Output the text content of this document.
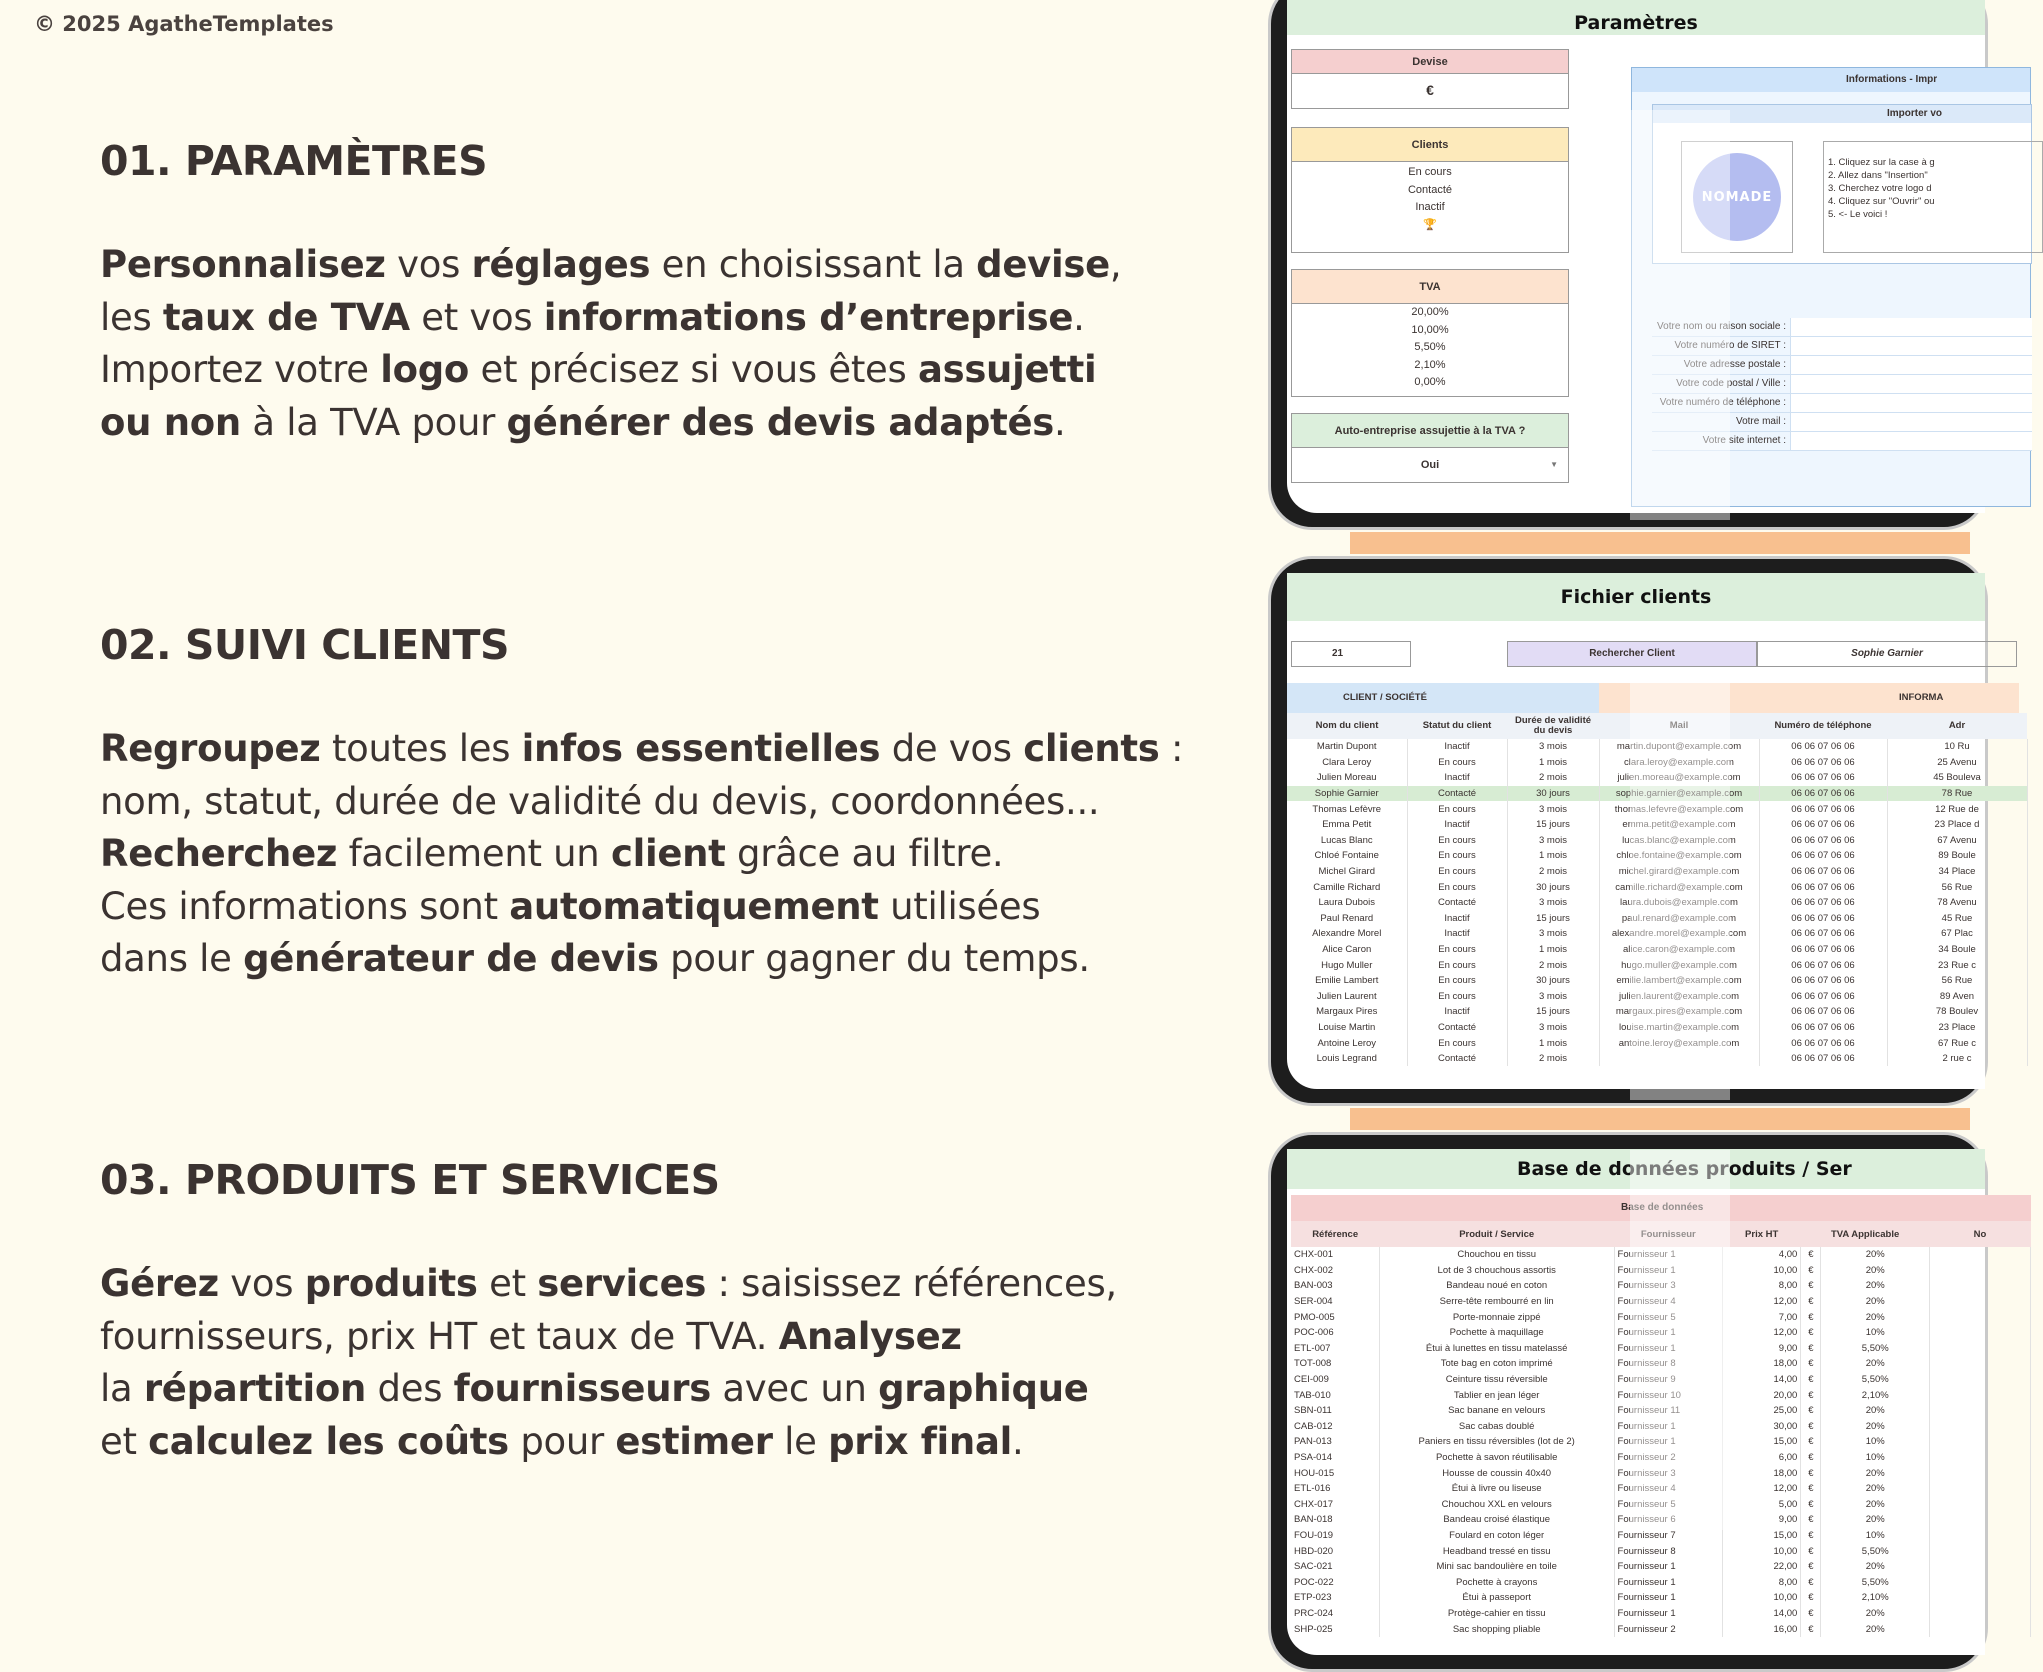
© 2025 AgatheTemplates
01. PARAMÈTRES
Personnalisez vos réglages en choisissant la devise,
les taux de TVA et vos informations d’entreprise.
Importez votre logo et précisez si vous êtes assujetti
ou non à la TVA pour générer des devis adaptés.
02. SUIVI CLIENTS
Regroupez toutes les infos essentielles de vos clients :
nom, statut, durée de validité du devis, coordonnées...
Recherchez facilement un client grâce au filtre.
Ces informations sont automatiquement utilisées
dans le générateur de devis pour gagner du temps.
03. PRODUITS ET SERVICES
Gérez vos produits et services : saisissez références,
fournisseurs, prix HT et taux de TVA. Analysez
la répartition des fournisseurs avec un graphique
et calculez les coûts pour estimer le prix final.
Paramètres
Devise
€
Clients
En cours
Contacté
Inactif
🏆
TVA
20,00%
10,00%
5,50%
2,10%
0,00%
Auto-entreprise assujettie à la TVA ?
Oui	▼
Informations - Impr
Importer vo
NOMADE
1. Cliquez sur la case à g
2. Allez dans "Insertion"
3. Cherchez votre logo d
4. Cliquez sur "Ouvrir" ou
5. <- Le voici !
Votre nom ou raison sociale :
Votre numéro de SIRET :
Votre adresse postale :
Votre code postal / Ville :
Votre numéro de téléphone :
Votre mail :
Votre site internet :
Fichier clients
21	Rechercher Client	Sophie Garnier
CLIENT / SOCIÉTÉ	INFORMA
Nom du client	Statut du client	Durée de validité du devis	Mail	Numéro de téléphone	Adr
Martin Dupont	Inactif	3 mois	martin.dupont@example.com	06 06 07 06 06	10 Ru
Clara Leroy	En cours	1 mois	clara.leroy@example.com	06 06 07 06 06	25 Avenu
Julien Moreau	Inactif	2 mois	julien.moreau@example.com	06 06 07 06 06	45 Bouleva
Sophie Garnier	Contacté	30 jours	sophie.garnier@example.com	06 06 07 06 06	78 Rue
Thomas Lefèvre	En cours	3 mois	thomas.lefevre@example.com	06 06 07 06 06	12 Rue de
Emma Petit	Inactif	15 jours	emma.petit@example.com	06 06 07 06 06	23 Place d
Lucas Blanc	En cours	3 mois	lucas.blanc@example.com	06 06 07 06 06	67 Avenu
Chloé Fontaine	En cours	1 mois	chloe.fontaine@example.com	06 06 07 06 06	89 Boule
Michel Girard	En cours	2 mois	michel.girard@example.com	06 06 07 06 06	34 Place
Camille Richard	En cours	30 jours	camille.richard@example.com	06 06 07 06 06	56 Rue
Laura Dubois	Contacté	3 mois	laura.dubois@example.com	06 06 07 06 06	78 Avenu
Paul Renard	Inactif	15 jours	paul.renard@example.com	06 06 07 06 06	45 Rue
Alexandre Morel	Inactif	3 mois	alexandre.morel@example.com	06 06 07 06 06	67 Plac
Alice Caron	En cours	1 mois	alice.caron@example.com	06 06 07 06 06	34 Boule
Hugo Muller	En cours	2 mois	hugo.muller@example.com	06 06 07 06 06	23 Rue c
Emilie Lambert	En cours	30 jours	emilie.lambert@example.com	06 06 07 06 06	56 Rue
Julien Laurent	En cours	3 mois	julien.laurent@example.com	06 06 07 06 06	89 Aven
Margaux Pires	Inactif	15 jours	margaux.pires@example.com	06 06 07 06 06	78 Boulev
Louise Martin	Contacté	3 mois	louise.martin@example.com	06 06 07 06 06	23 Place
Antoine Leroy	En cours	1 mois	antoine.leroy@example.com	06 06 07 06 06	67 Rue c
Louis Legrand	Contacté	2 mois		06 06 07 06 06	2 rue c
Base de données produits / Ser
Base de données
Référence	Produit / Service	Fournisseur	Prix HT	TVA Applicable		No
CHX-001	Chouchou en tissu	Fournisseur 1	4,00	€	20%	
CHX-002	Lot de 3 chouchous assortis	Fournisseur 1	10,00	€	20%	
BAN-003	Bandeau noué en coton	Fournisseur 3	8,00	€	20%	
SER-004	Serre-tête rembourré en lin	Fournisseur 4	12,00	€	20%	
PMO-005	Porte-monnaie zippé	Fournisseur 5	7,00	€	20%	
POC-006	Pochette à maquillage	Fournisseur 1	12,00	€	10%	
ETL-007	Étui à lunettes en tissu matelassé	Fournisseur 1	9,00	€	5,50%	
TOT-008	Tote bag en coton imprimé	Fournisseur 8	18,00	€	20%	
CEI-009	Ceinture tissu réversible	Fournisseur 9	14,00	€	5,50%	
TAB-010	Tablier en jean léger	Fournisseur 10	20,00	€	2,10%	
SBN-011	Sac banane en velours	Fournisseur 11	25,00	€	20%	
CAB-012	Sac cabas doublé	Fournisseur 1	30,00	€	20%	
PAN-013	Paniers en tissu réversibles (lot de 2)	Fournisseur 1	15,00	€	10%	
PSA-014	Pochette à savon réutilisable	Fournisseur 2	6,00	€	10%	
HOU-015	Housse de coussin 40x40	Fournisseur 3	18,00	€	20%	
ETL-016	Étui à livre ou liseuse	Fournisseur 4	12,00	€	20%	
CHX-017	Chouchou XXL en velours	Fournisseur 5	5,00	€	20%	
BAN-018	Bandeau croisé élastique	Fournisseur 6	9,00	€	20%	
FOU-019	Foulard en coton léger	Fournisseur 7	15,00	€	10%	
HBD-020	Headband tressé en tissu	Fournisseur 8	10,00	€	5,50%	
SAC-021	Mini sac bandoulière en toile	Fournisseur 1	22,00	€	20%	
POC-022	Pochette à crayons	Fournisseur 1	8,00	€	5,50%	
ETP-023	Étui à passeport	Fournisseur 1	10,00	€	2,10%	
PRC-024	Protège-cahier en tissu	Fournisseur 1	14,00	€	20%	
SHP-025	Sac shopping pliable	Fournisseur 2	16,00	€	20%	
